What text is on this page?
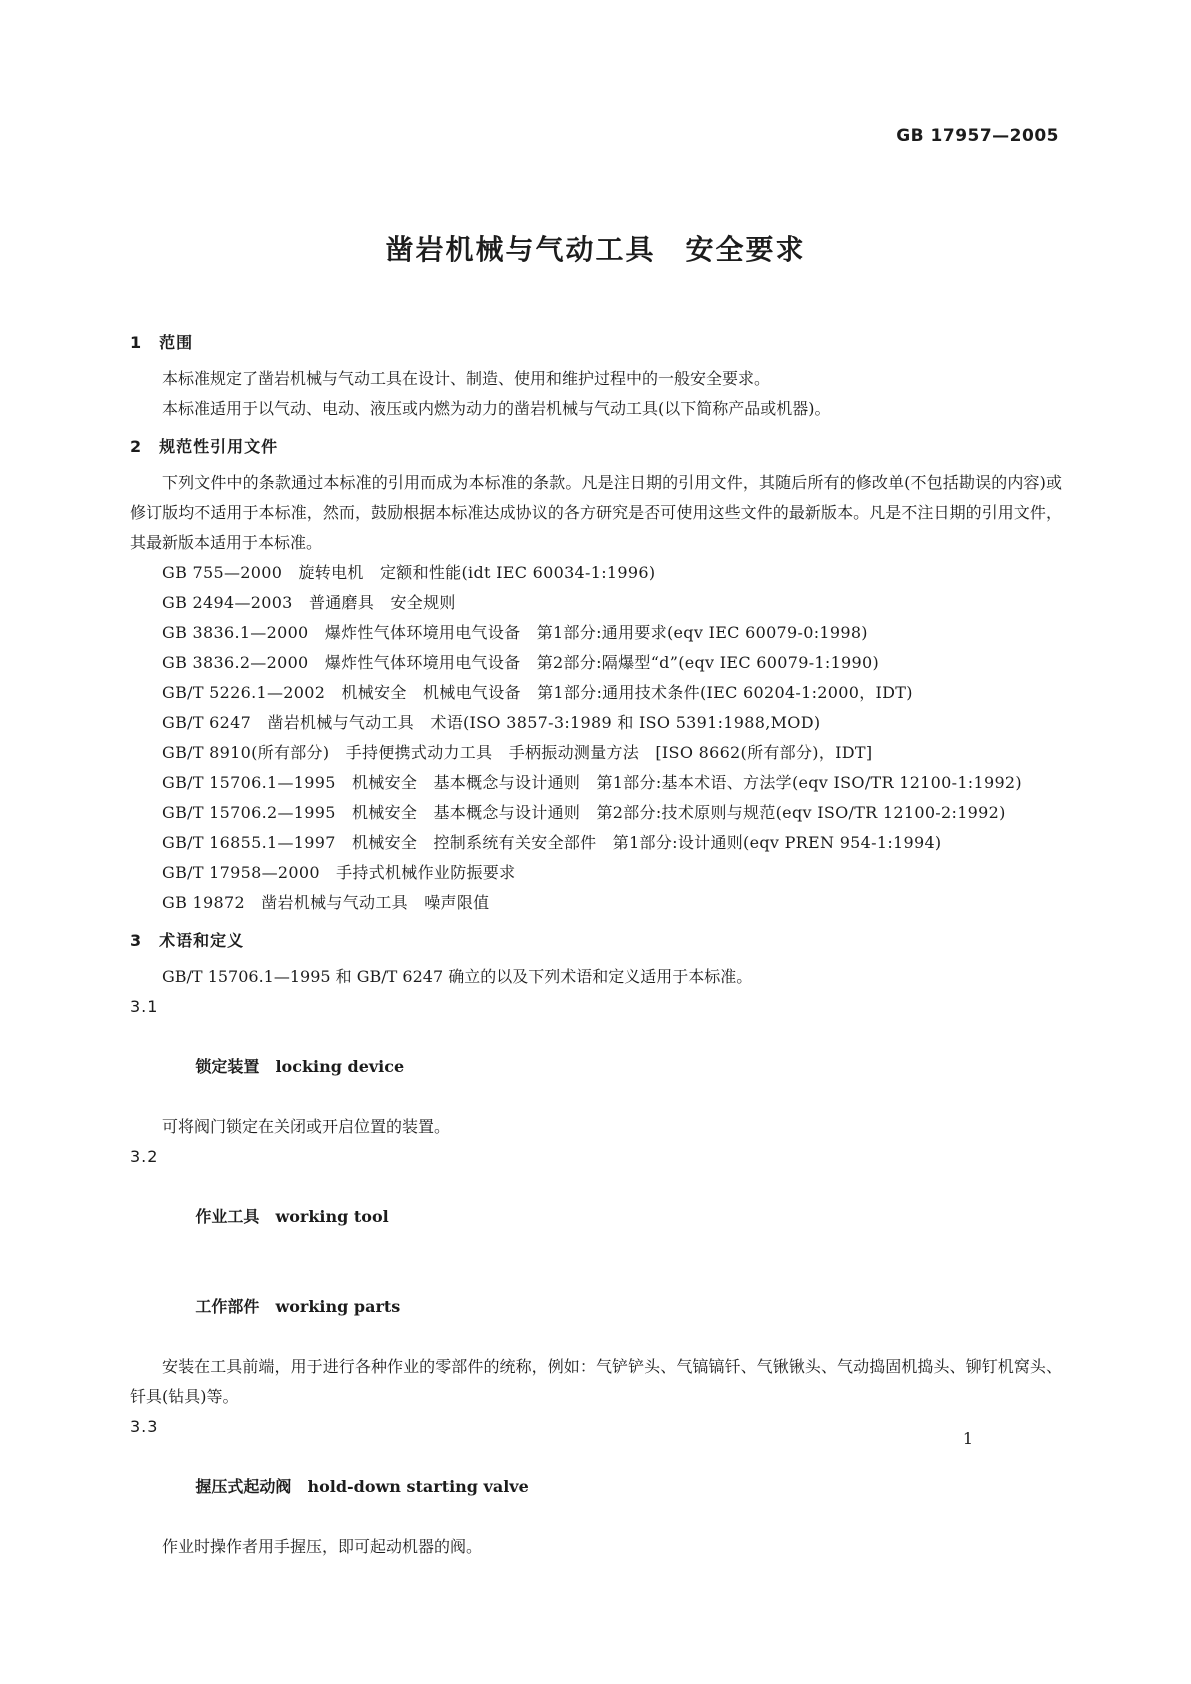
GB 17957—2005
凿岩机械与气动工具　安全要求
1　范围

本标准规定了凿岩机械与气动工具在设计、制造、使用和维护过程中的一般安全要求。

本标准适用于以气动、电动、液压或内燃为动力的凿岩机械与气动工具(以下简称产品或机器)。

2　规范性引用文件

下列文件中的条款通过本标准的引用而成为本标准的条款。凡是注日期的引用文件，其随后所有的修改单(不包括勘误的内容)或修订版均不适用于本标准，然而，鼓励根据本标准达成协议的各方研究是否可使用这些文件的最新版本。凡是不注日期的引用文件，其最新版本适用于本标准。

GB 755—2000　旋转电机　定额和性能(idt IEC 60034-1:1996)

GB 2494—2003　普通磨具　安全规则

GB 3836.1—2000　爆炸性气体环境用电气设备　第1部分:通用要求(eqv IEC 60079-0:1998)

GB 3836.2—2000　爆炸性气体环境用电气设备　第2部分:隔爆型“d”(eqv IEC 60079-1:1990)

GB/T 5226.1—2002　机械安全　机械电气设备　第1部分:通用技术条件(IEC 60204-1:2000，IDT)

GB/T 6247　凿岩机械与气动工具　术语(ISO 3857-3:1989 和 ISO 5391:1988,MOD)

GB/T 8910(所有部分)　手持便携式动力工具　手柄振动测量方法　[ISO 8662(所有部分)，IDT]

GB/T 15706.1—1995　机械安全　基本概念与设计通则　第1部分:基本术语、方法学(eqv ISO/TR 12100-1:1992)

GB/T 15706.2—1995　机械安全　基本概念与设计通则　第2部分:技术原则与规范(eqv ISO/TR 12100-2:1992)

GB/T 16855.1—1997　机械安全　控制系统有关安全部件　第1部分:设计通则(eqv PREN 954-1:1994)

GB/T 17958—2000　手持式机械作业防振要求

GB 19872　凿岩机械与气动工具　噪声限值

3　术语和定义

GB/T 15706.1—1995 和 GB/T 6247 确立的以及下列术语和定义适用于本标准。

3.1

锁定装置　 locking device

可将阀门锁定在关闭或开启位置的装置。

3.2

作业工具　 working tool

工作部件　 working parts

安装在工具前端，用于进行各种作业的零部件的统称，例如：气铲铲头、气镐镐钎、气锹锹头、气动捣固机捣头、铆钉机窝头、钎具(钻具)等。

3.3

握压式起动阀　 hold-down starting valve

作业时操作者用手握压，即可起动机器的阀。

1
